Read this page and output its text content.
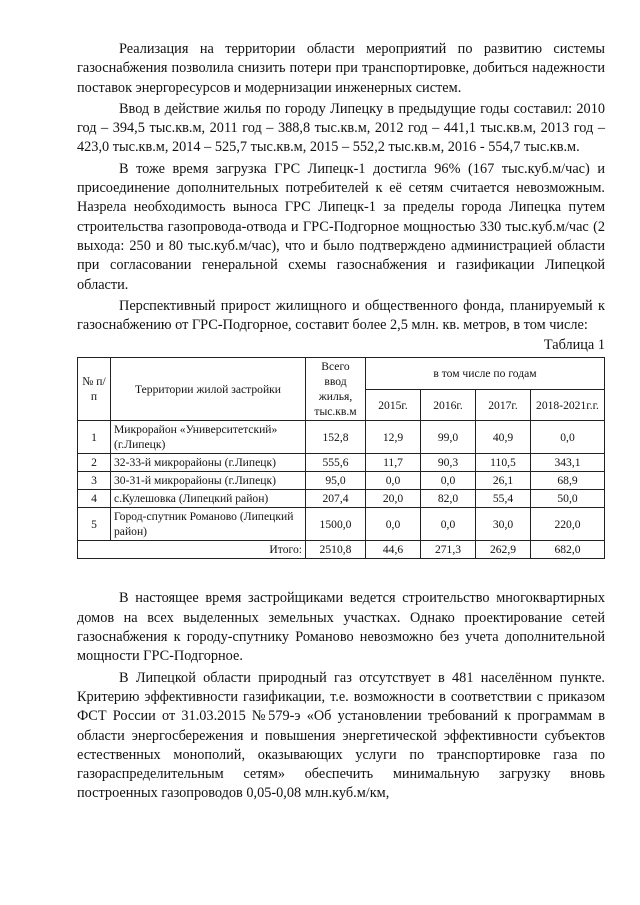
Реализация на территории области мероприятий по развитию системы газоснабжения позволила снизить потери при транспортировке, добиться надежности поставок энергоресурсов и модернизации инженерных систем.

Ввод в действие жилья по городу Липецку в предыдущие годы составил: 2010 год – 394,5 тыс.кв.м, 2011 год – 388,8 тыс.кв.м, 2012 год – 441,1 тыс.кв.м, 2013 год – 423,0 тыс.кв.м, 2014 – 525,7 тыс.кв.м, 2015 – 552,2 тыс.кв.м, 2016 - 554,7 тыс.кв.м.

В тоже время загрузка ГРС Липецк-1 достигла 96% (167 тыс.куб.м/час) и присоединение дополнительных потребителей к её сетям считается невозможным. Назрела необходимость выноса ГРС Липецк-1 за пределы города Липецка путем строительства газопровода-отвода и ГРС-Подгорное мощностью 330 тыс.куб.м/час (2 выхода: 250 и 80 тыс.куб.м/час), что и было подтверждено администрацией области при согласовании генеральной схемы газоснабжения и газификации Липецкой области.

Перспективный прирост жилищного и общественного фонда, планируемый к газоснабжению от ГРС-Подгорное, составит более 2,5 млн. кв. метров, в том числе:

Таблица 1
№ п/п	Территории жилой застройки	Всего ввод жилья, тыс.кв.м	в том числе по годам			
			2015г.	2016г.	2017г.	2018-2021г.г.
1	Микрорайон «Университетский» (г.Липецк)	152,8	12,9	99,0	40,9	0,0
2	32-33-й микрорайоны (г.Липецк)	555,6	11,7	90,3	110,5	343,1
3	30-31-й микрорайоны (г.Липецк)	95,0	0,0	0,0	26,1	68,9
4	с.Кулешовка (Липецкий район)	207,4	20,0	82,0	55,4	50,0
5	Город-спутник Романово (Липецкий район)	1500,0	0,0	0,0	30,0	220,0
Итого:		2510,8	44,6	271,3	262,9	682,0

В настоящее время застройщиками ведется строительство многоквартирных домов на всех выделенных земельных участках. Однако проектирование сетей газоснабжения к городу-спутнику Романово невозможно без учета дополнительной мощности ГРС-Подгорное.

В Липецкой области природный газ отсутствует в 481 населённом пункте. Критерию эффективности газификации, т.е. возможности в соответствии с приказом ФСТ России от 31.03.2015 №579-э «Об установлении требований к программам в области энергосбережения и повышения энергетической эффективности субъектов естественных монополий, оказывающих услуги по транспортировке газа по газораспределительным сетям» обеспечить минимальную загрузку вновь построенных газопроводов 0,05-0,08 млн.куб.м/км,
